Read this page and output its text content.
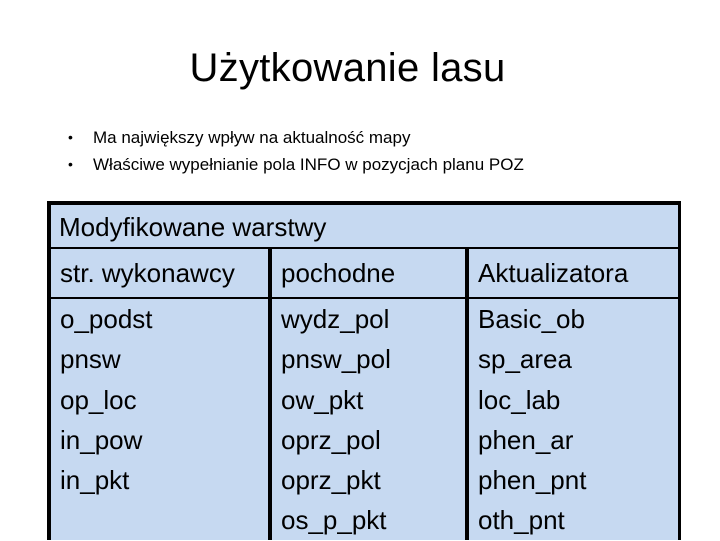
Użytkowanie lasu
• Ma największy wpływ na aktualność mapy
• Właściwe wypełnianie pola INFO w pozycjach planu POZ
Modyfikowane warstwy
str. wykonawcy	pochodne	Aktualizatora
o_podst
pnsw
op_loc
in_pow
in_pkt
wydz_pol
pnsw_pol
ow_pkt
oprz_pol
oprz_pkt
os_p_pkt
Basic_ob
sp_area
loc_lab
phen_ar
phen_pnt
oth_pnt
